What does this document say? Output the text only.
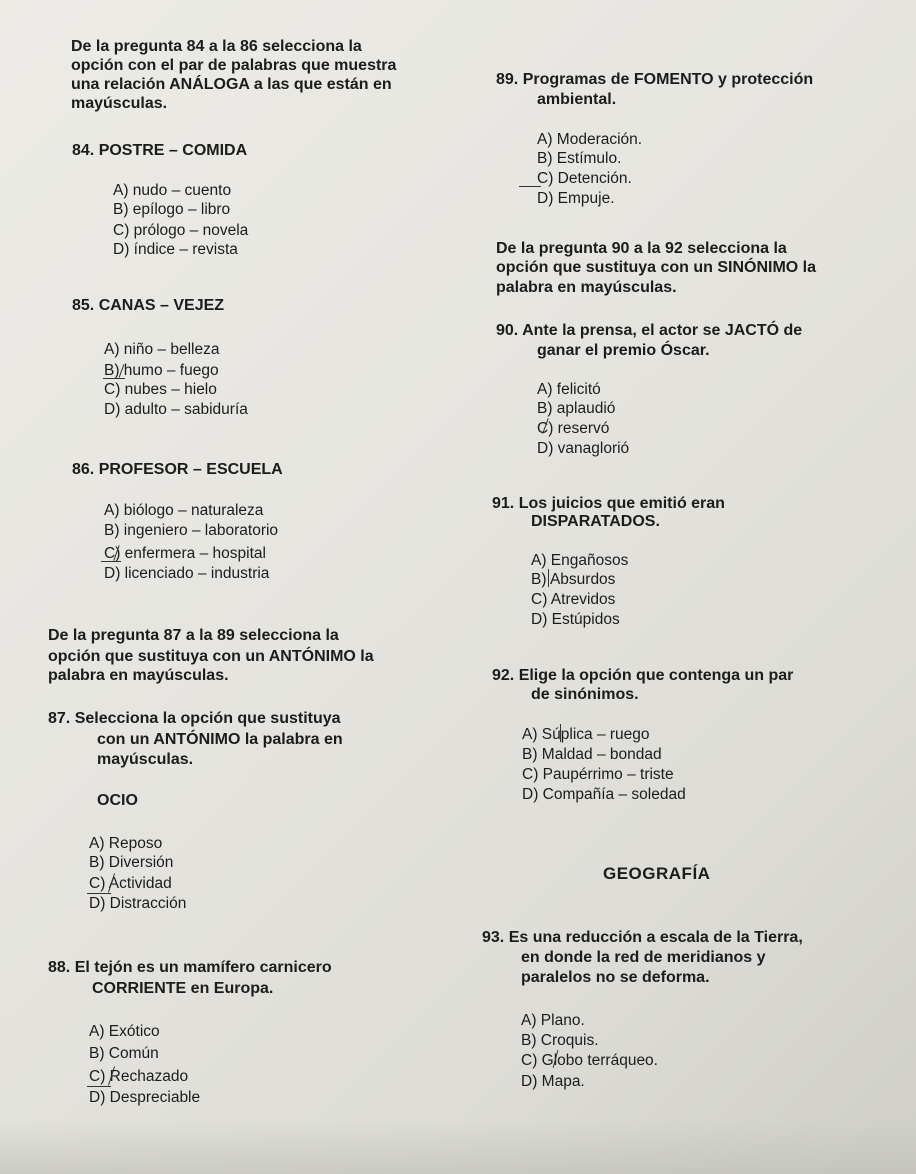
De la pregunta 84 a la 86 selecciona la
opción con el par de palabras que muestra
una relación ANÁLOGA a las que están en
mayúsculas.
84. POSTRE – COMIDA
A) nudo – cuento
B) epílogo – libro
C) prólogo – novela
D) índice – revista
85. CANAS – VEJEZ
A) niño – belleza
B) humo – fuego
C) nubes – hielo
D) adulto – sabiduría
86. PROFESOR – ESCUELA
A) biólogo – naturaleza
B) ingeniero – laboratorio
C) enfermera – hospital
D) licenciado – industria
De la pregunta 87 a la 89 selecciona la
opción que sustituya con un ANTÓNIMO la
palabra en mayúsculas.
87. Selecciona la opción que sustituya
con un ANTÓNIMO la palabra en
mayúsculas.
OCIO
A) Reposo
B) Diversión
C) Actividad
D) Distracción
88. El tejón es un mamífero carnicero
CORRIENTE en Europa.
A) Exótico
B) Común
C) Rechazado
D) Despreciable
89. Programas de FOMENTO y protección
ambiental.
A) Moderación.
B) Estímulo.
C) Detención.
D) Empuje.
De la pregunta 90 a la 92 selecciona la
opción que sustituya con un SINÓNIMO la
palabra en mayúsculas.
90. Ante la prensa, el actor se JACTÓ de
ganar el premio Óscar.
A) felicitó
B) aplaudió
C) reservó
D) vanaglorió
91. Los juicios que emitió eran
DISPARATADOS.
A) Engañosos
B) Absurdos
C) Atrevidos
D) Estúpidos
92. Elige la opción que contenga un par
de sinónimos.
A) Súplica – ruego
B) Maldad – bondad
C) Paupérrimo – triste
D) Compañía – soledad
GEOGRAFÍA
93. Es una reducción a escala de la Tierra,
en donde la red de meridianos y
paralelos no se deforma.
A) Plano.
B) Croquis.
C) Globo terráqueo.
D) Mapa.
